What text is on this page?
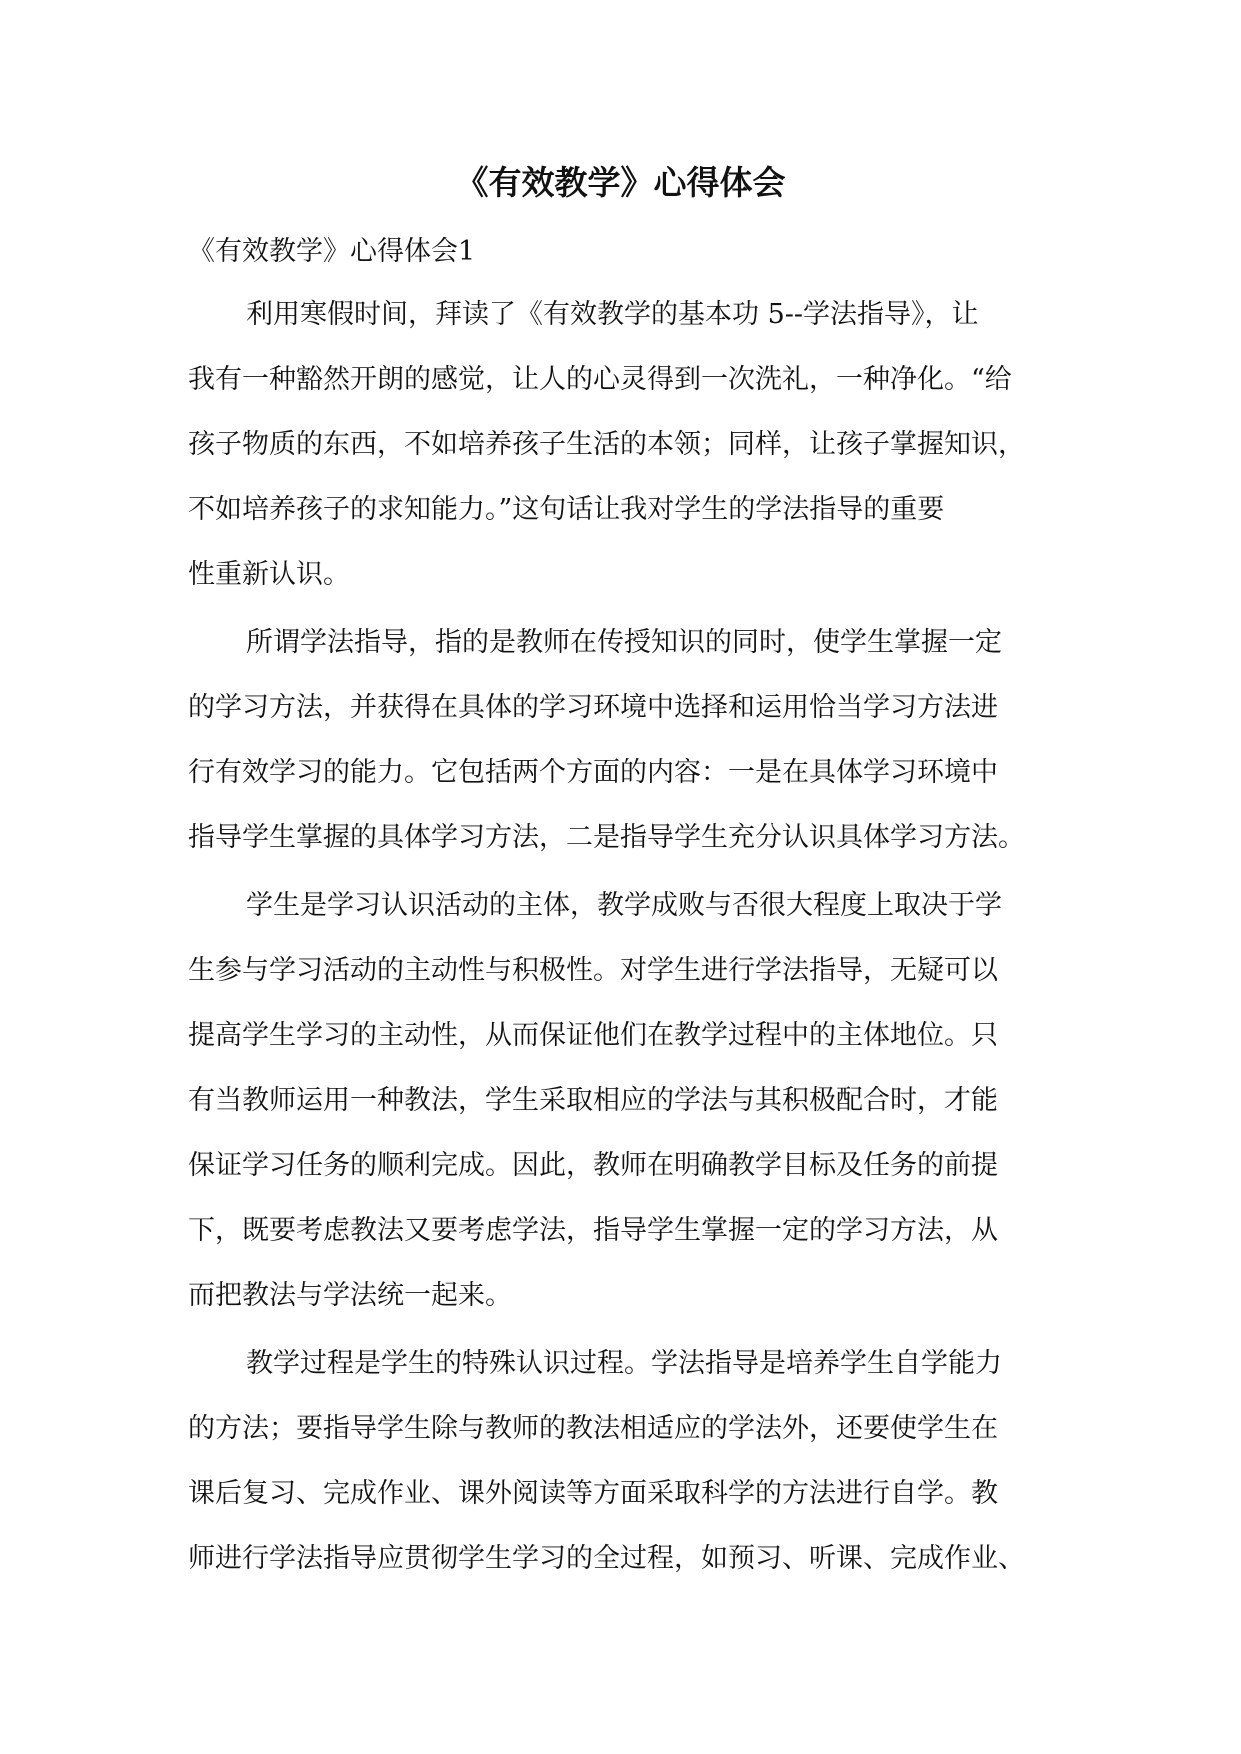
《有效教学》心得体会
《有效教学》心得体会1
利用寒假时间，拜读了《有效教学的基本功 5--学法指导》，让
我有一种豁然开朗的感觉，让人的心灵得到一次洗礼，一种净化。“给
孩子物质的东西，不如培养孩子生活的本领；同样，让孩子掌握知识，
不如培养孩子的求知能力。”这句话让我对学生的学法指导的重要
性重新认识。
所谓学法指导，指的是教师在传授知识的同时，使学生掌握一定
的学习方法，并获得在具体的学习环境中选择和运用恰当学习方法进
行有效学习的能力。它包括两个方面的内容：一是在具体学习环境中
指导学生掌握的具体学习方法，二是指导学生充分认识具体学习方法。
学生是学习认识活动的主体，教学成败与否很大程度上取决于学
生参与学习活动的主动性与积极性。对学生进行学法指导，无疑可以
提高学生学习的主动性，从而保证他们在教学过程中的主体地位。只
有当教师运用一种教法，学生采取相应的学法与其积极配合时，才能
保证学习任务的顺利完成。因此，教师在明确教学目标及任务的前提
下，既要考虑教法又要考虑学法，指导学生掌握一定的学习方法，从
而把教法与学法统一起来。
教学过程是学生的特殊认识过程。学法指导是培养学生自学能力
的方法；要指导学生除与教师的教法相适应的学法外，还要使学生在
课后复习、完成作业、课外阅读等方面采取科学的方法进行自学。教
师进行学法指导应贯彻学生学习的全过程，如预习、听课、完成作业、
